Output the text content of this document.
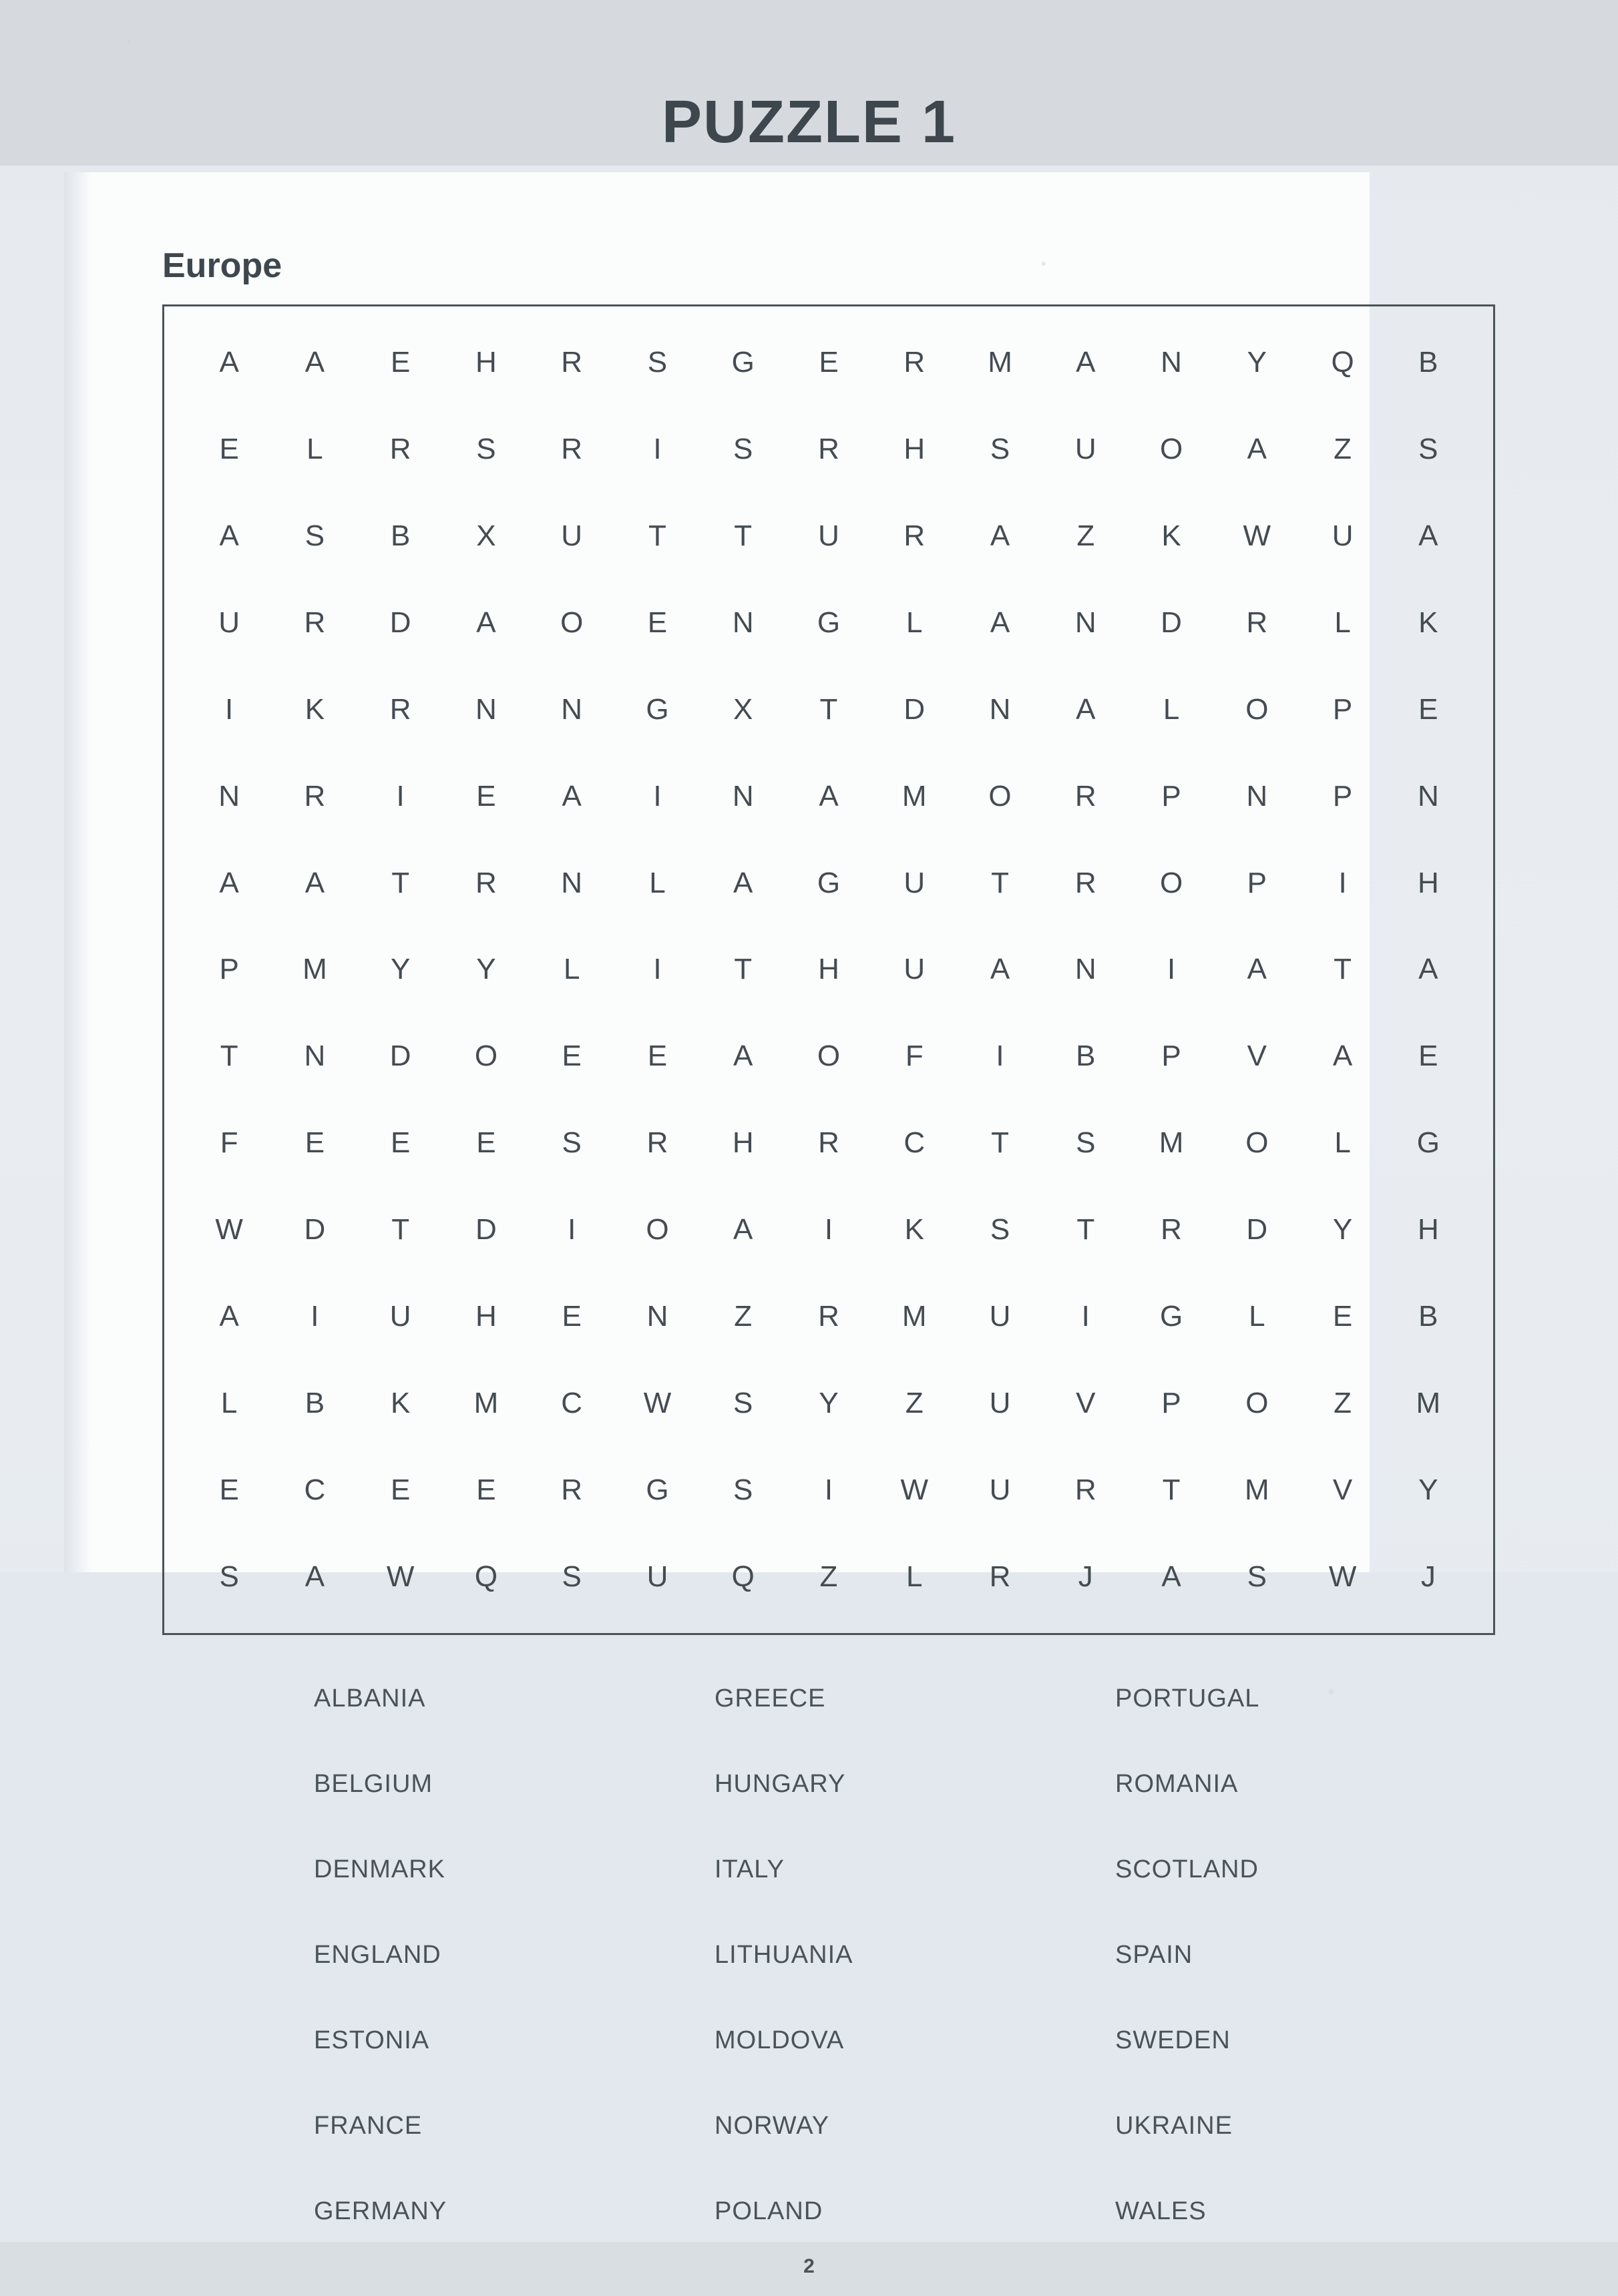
PUZZLE 1
Europe
A	A	E	H	R	S	G	E	R	M	A	N	Y	Q	B
E	L	R	S	R	I	S	R	H	S	U	O	A	Z	S
A	S	B	X	U	T	T	U	R	A	Z	K	W	U	A
U	R	D	A	O	E	N	G	L	A	N	D	R	L	K
I	K	R	N	N	G	X	T	D	N	A	L	O	P	E
N	R	I	E	A	I	N	A	M	O	R	P	N	P	N
A	A	T	R	N	L	A	G	U	T	R	O	P	I	H
P	M	Y	Y	L	I	T	H	U	A	N	I	A	T	A
T	N	D	O	E	E	A	O	F	I	B	P	V	A	E
F	E	E	E	S	R	H	R	C	T	S	M	O	L	G
W	D	T	D	I	O	A	I	K	S	T	R	D	Y	H
A	I	U	H	E	N	Z	R	M	U	I	G	L	E	B
L	B	K	M	C	W	S	Y	Z	U	V	P	O	Z	M
E	C	E	E	R	G	S	I	W	U	R	T	M	V	Y
S	A	W	Q	S	U	Q	Z	L	R	J	A	S	W	J
ALBANIA	GREECE	PORTUGAL
BELGIUM	HUNGARY	ROMANIA
DENMARK	ITALY	SCOTLAND
ENGLAND	LITHUANIA	SPAIN
ESTONIA	MOLDOVA	SWEDEN
FRANCE	NORWAY	UKRAINE
GERMANY	POLAND	WALES
2
